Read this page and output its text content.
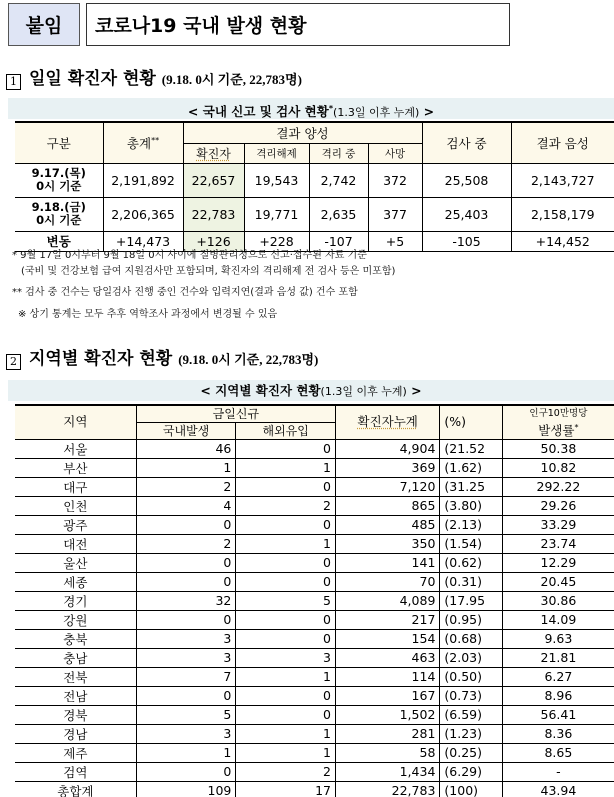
붙임	코로나19 국내 발생 현황
1 일일 확진자 현황 (9.18. 0시 기준, 22,783명)
< 국내 신고 및 검사 현황*(1.3일 이후 누계) >
구분	총계**	결과 양성				검사 중	결과 음성
		확진자	격리해제	격리 중	사망		

9.17.(목)
0시 기준	2,191,892	22,657	19,543	2,742	372	25,508	2,143,727

9.18.(금)
0시 기준	2,206,365	22,783	19,771	2,635	377	25,403	2,158,179
변동	+14,473	+126	+228	-107	+5	-105	+14,452
* 9월 17일 0시부터 9월 18일 0시 사이에 질병관리청으로 신고·접수된 자료 기준
(국비 및 건강보험 급여 지원검사만 포함되며, 확진자의 격리해제 전 검사 등은 미포함)
** 검사 중 건수는 당일검사 진행 중인 건수와 입력지연(결과 음성 값) 건수 포함
※ 상기 통계는 모두 추후 역학조사 과정에서 변경될 수 있음
2 지역별 확진자 현황 (9.18. 0시 기준, 22,783명)
< 지역별 확진자 현황(1.3일 이후 누계) >
지역	금일신규		확진자누계	(%)	인구10만명당
발생률*
	국내발생	해외유입			
서울	46	0	4,904	(21.52	50.38
부산	1	1	369	(1.62)	10.82
대구	2	0	7,120	(31.25	292.22
인천	4	2	865	(3.80)	29.26
광주	0	0	485	(2.13)	33.29
대전	2	1	350	(1.54)	23.74
울산	0	0	141	(0.62)	12.29
세종	0	0	70	(0.31)	20.45
경기	32	5	4,089	(17.95	30.86
강원	0	0	217	(0.95)	14.09
충북	3	0	154	(0.68)	9.63
충남	3	3	463	(2.03)	21.81
전북	7	1	114	(0.50)	6.27
전남	0	0	167	(0.73)	8.96
경북	5	0	1,502	(6.59)	56.41
경남	3	1	281	(1.23)	8.36
제주	1	1	58	(0.25)	8.65
검역	0	2	1,434	(6.29)	-
총합계	109	17	22,783	(100)	43.94
